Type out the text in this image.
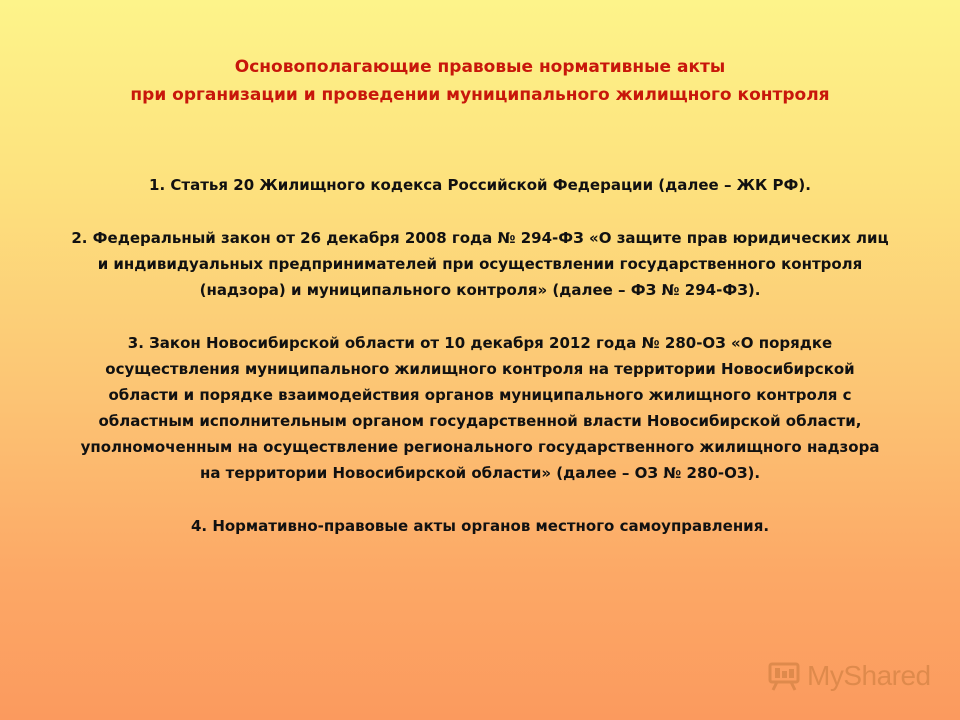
Основополагающие правовые нормативные акты
при организации и проведении муниципального жилищного контроля
1. Статья 20 Жилищного кодекса Российской Федерации (далее – ЖК РФ).
2. Федеральный закон от 26 декабря 2008 года № 294-ФЗ «О защите прав юридических лиц
и индивидуальных предпринимателей при осуществлении государственного контроля
(надзора) и муниципального контроля» (далее – ФЗ № 294-ФЗ).
3. Закон Новосибирской области от 10 декабря 2012 года № 280-ОЗ «О порядке
осуществления муниципального жилищного контроля на территории Новосибирской
области и порядке взаимодействия органов муниципального жилищного контроля с
областным исполнительным органом государственной власти Новосибирской области,
уполномоченным на осуществление регионального государственного жилищного надзора
на территории Новосибирской области» (далее – ОЗ № 280-ОЗ).
4. Нормативно-правовые акты органов местного самоуправления.
MyShared
